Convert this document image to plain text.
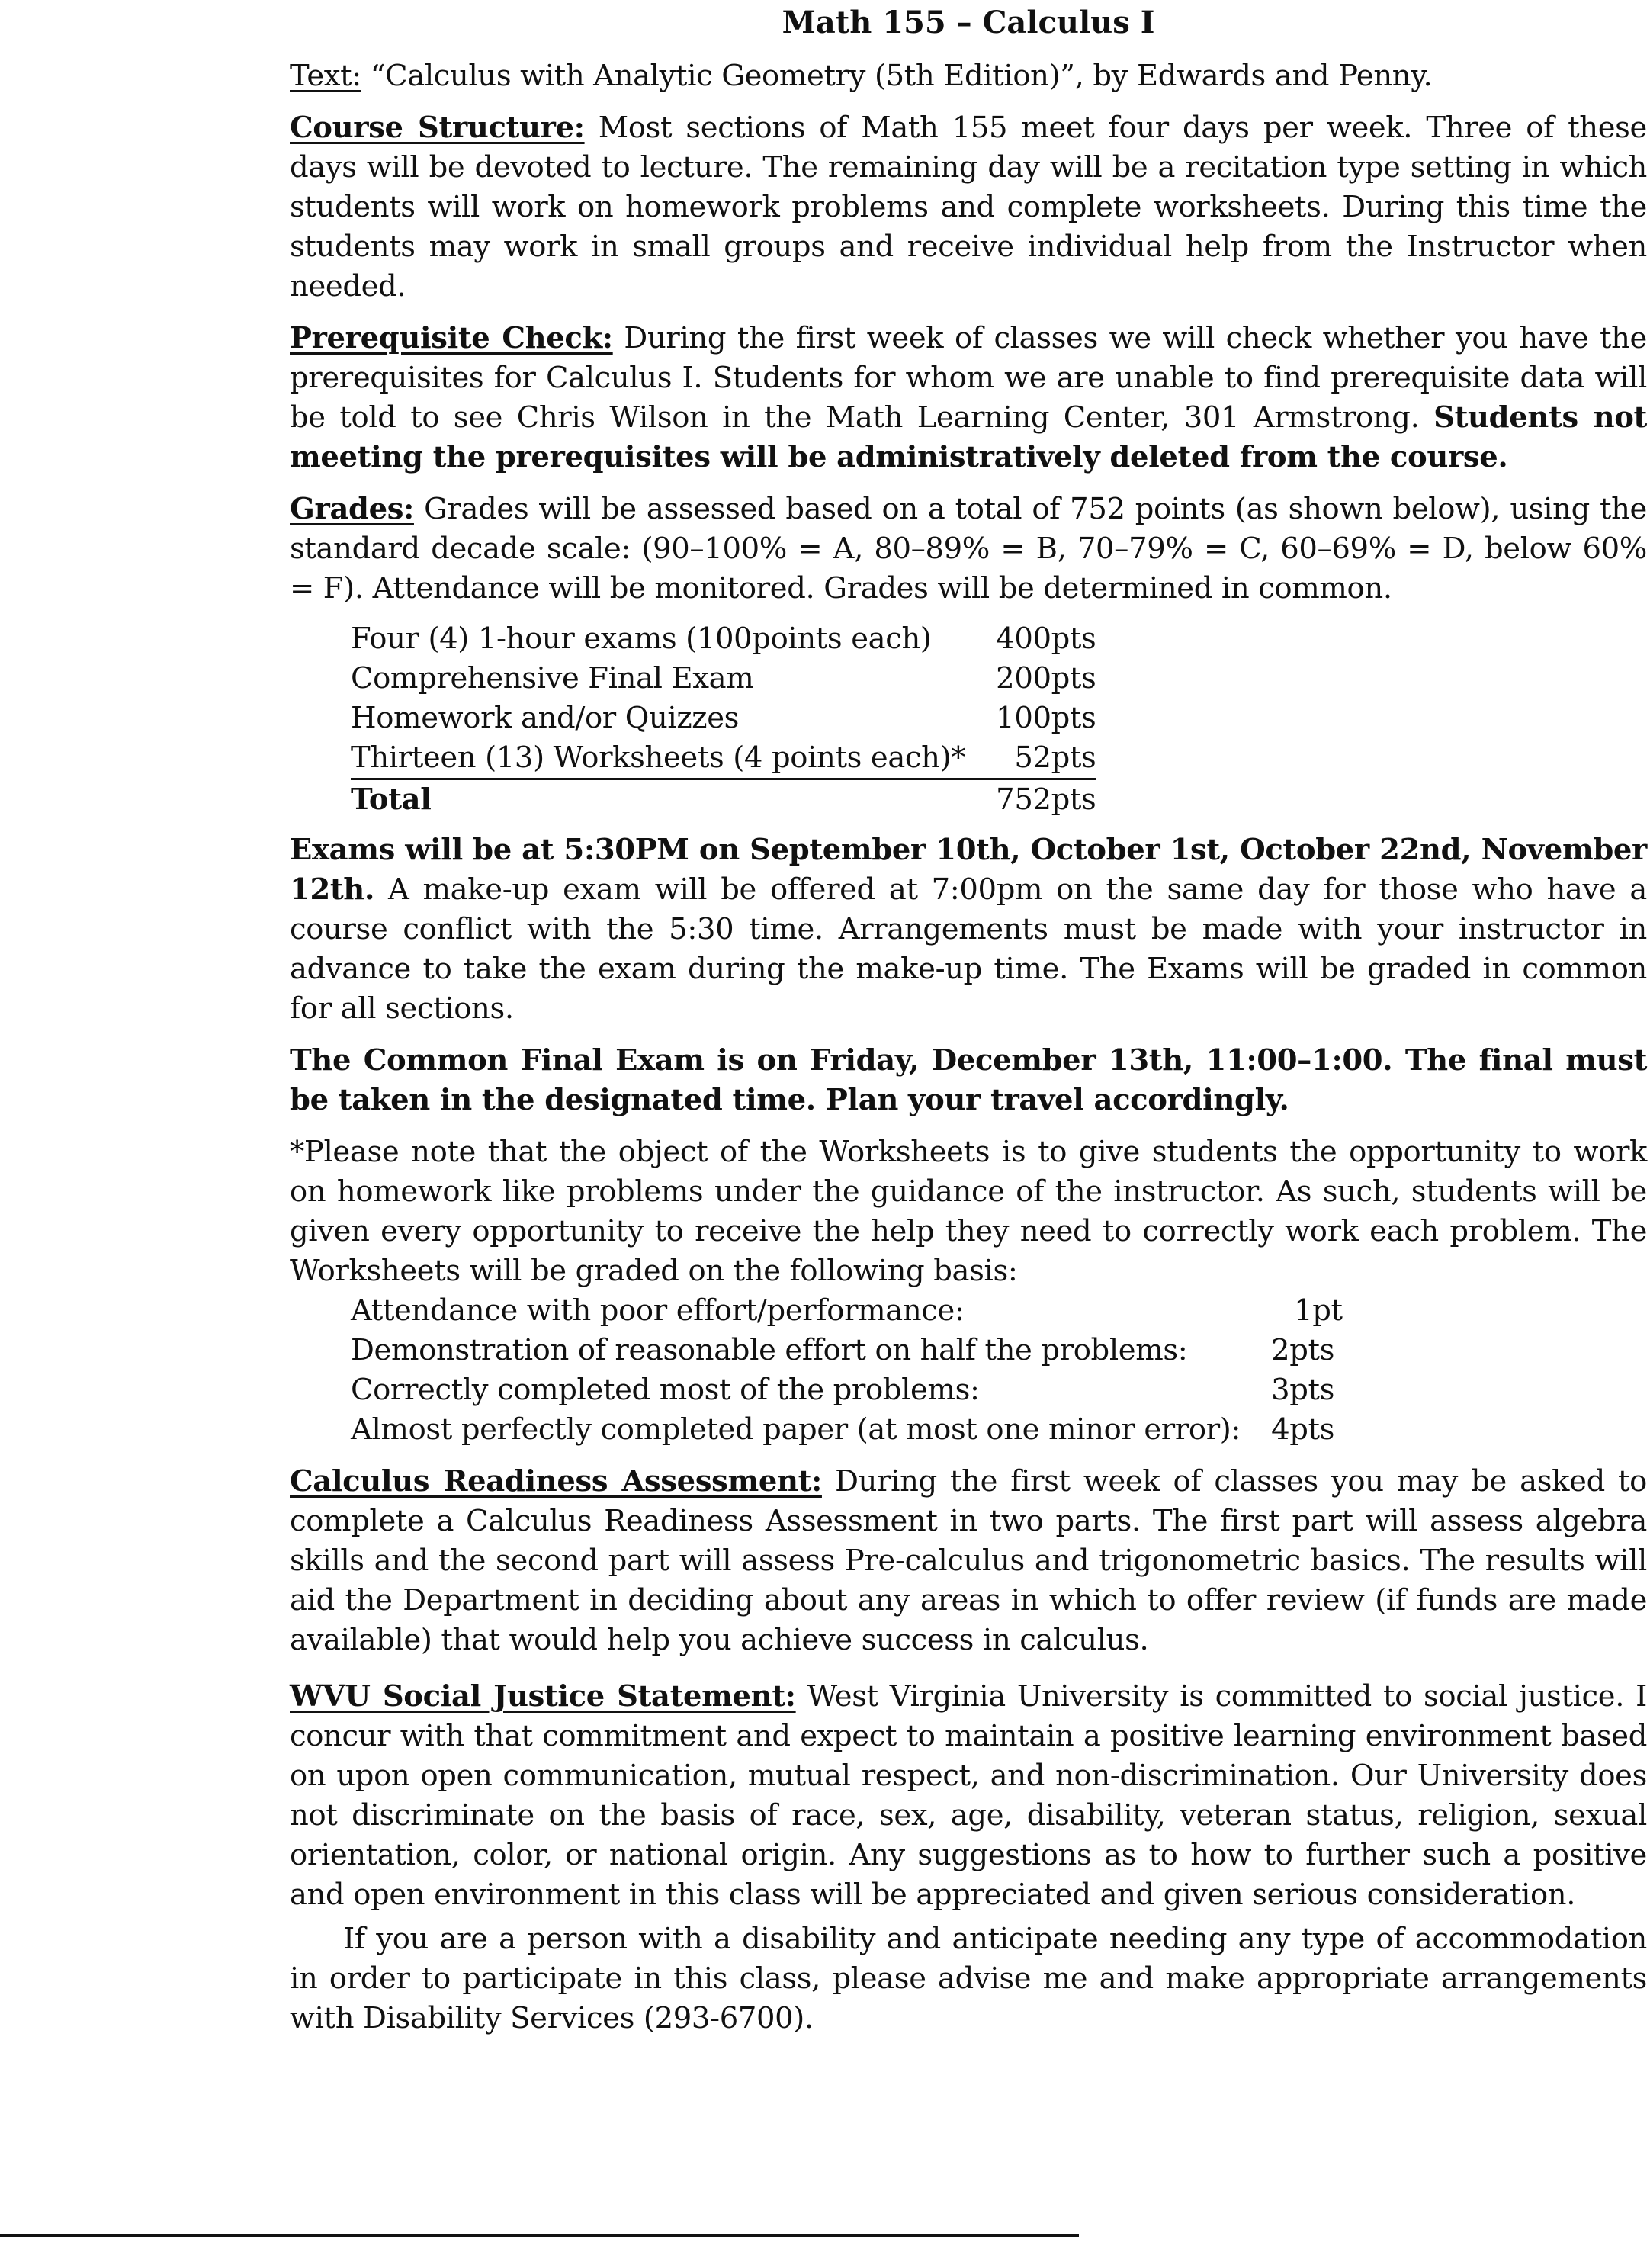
Math 155 – Calculus I

Text: “Calculus with Analytic Geometry (5th Edition)”, by Edwards and Penny.

Course Structure: Most sections of Math 155 meet four days per week. Three of these days will be devoted to lecture. The remaining day will be a recitation type setting in which students will work on homework problems and complete worksheets. During this time the students may work in small groups and receive individual help from the Instructor when needed.

Prerequisite Check: During the first week of classes we will check whether you have the prerequisites for Calculus I. Students for whom we are unable to find prerequisite data will be told to see Chris Wilson in the Math Learning Center, 301 Armstrong. Students not meeting the prerequisites will be administratively deleted from the course.

Grades: Grades will be assessed based on a total of 752 points (as shown below), using the standard decade scale: (90–100% = A, 80–89% = B, 70–79% = C, 60–69% = D, below 60% = F). Attendance will be monitored. Grades will be determined in common.

Four (4) 1-hour exams (100points each)	400pts
Comprehensive Final Exam	200pts
Homework and/or Quizzes	100pts
Thirteen (13) Worksheets (4 points each)*	52pts
Total	752pts

Exams will be at 5:30PM on September 10th, October 1st, October 22nd, November 12th. A make-up exam will be offered at 7:00pm on the same day for those who have a course conflict with the 5:30 time. Arrangements must be made with your instructor in advance to take the exam during the make-up time. The Exams will be graded in common for all sections.

The Common Final Exam is on Friday, December 13th, 11:00–1:00. The final must be taken in the designated time. Plan your travel accordingly.

*Please note that the object of the Worksheets is to give students the opportunity to work on homework like problems under the guidance of the instructor. As such, students will be given every opportunity to receive the help they need to correctly work each problem. The Worksheets will be graded on the following basis:

Attendance with poor effort/performance:	1pt
Demonstration of reasonable effort on half the problems:	2pts
Correctly completed most of the problems:	3pts
Almost perfectly completed paper (at most one minor error):	4pts

Calculus Readiness Assessment: During the first week of classes you may be asked to complete a Calculus Readiness Assessment in two parts. The first part will assess algebra skills and the second part will assess Pre-calculus and trigonometric basics. The results will aid the Department in deciding about any areas in which to offer review (if funds are made available) that would help you achieve success in calculus.

WVU Social Justice Statement: West Virginia University is committed to social justice. I concur with that commitment and expect to maintain a positive learning environment based on upon open communication, mutual respect, and non-discrimination. Our University does not discriminate on the basis of race, sex, age, disability, veteran status, religion, sexual orientation, color, or national origin. Any suggestions as to how to further such a positive and open environment in this class will be appreciated and given serious consideration.

If you are a person with a disability and anticipate needing any type of accommodation in order to participate in this class, please advise me and make appropriate arrangements with Disability Services (293-6700).
